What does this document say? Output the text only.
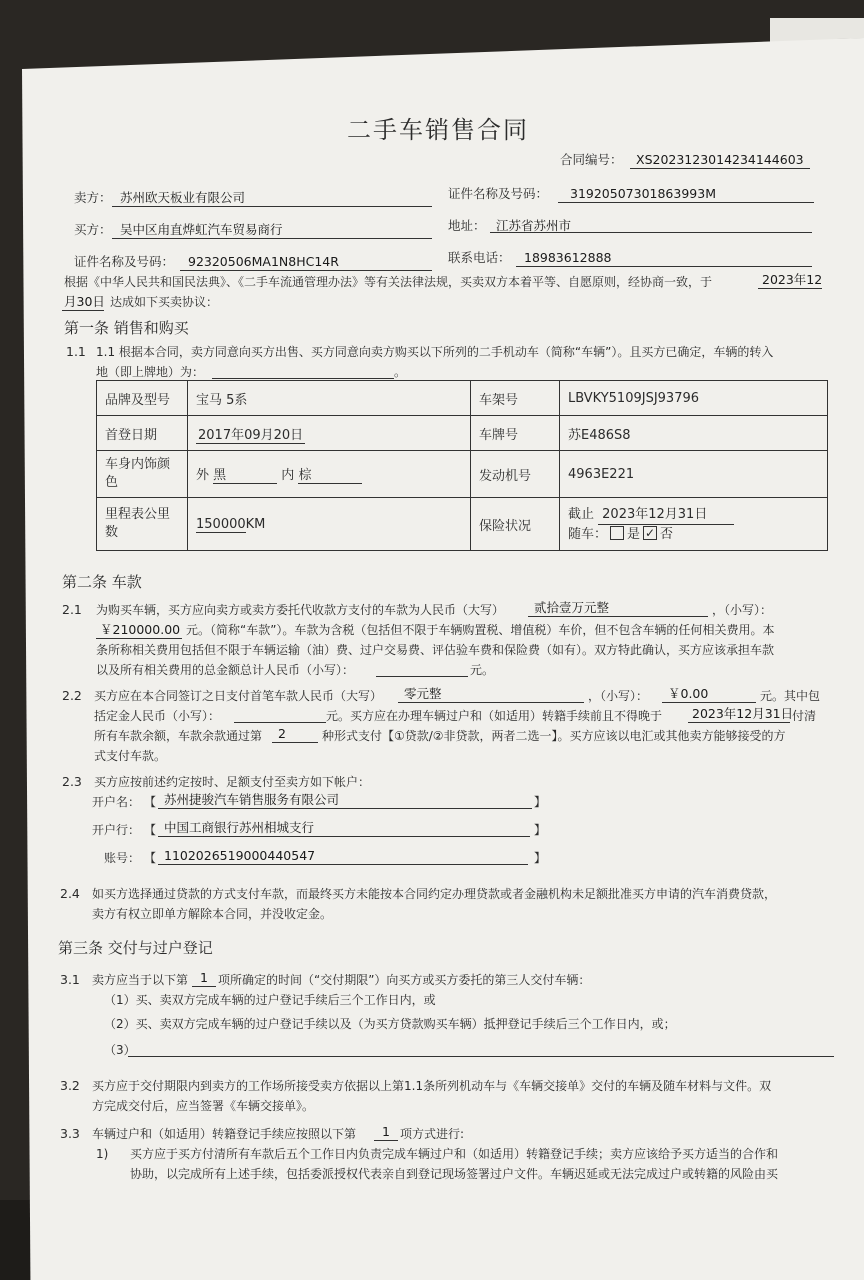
二手车销售合同
合同编号： XS2023123014234144603
卖方： 苏州欧天板业有限公司	证件名称及号码： 31920507301863993M
买方： 吴中区甪直烨虹汽车贸易商行	地址： 江苏省苏州市
证件名称及号码： 92320506MA1N8HC14R	联系电话： 18983612888
根据《中华人民共和国民法典》、《二手车流通管理办法》等有关法律法规，买卖双方本着平等、自愿原则，经协商一致，于	2023年12
月30日 达成如下买卖协议：
第一条 销售和购买
1.1 1.1 根据本合同，卖方同意向买方出售、买方同意向卖方购买以下所列的二手机动车（简称“车辆”）。且买方已确定，车辆的转入
地（即上牌地）为：	。
品牌及型号	宝马 5系	车架号	LBVKY5109JSJ93796
首登日期	2017年09月20日	车牌号	苏E486S8
车身内饰颜色	外 黑 内 棕	发动机号	4963E221
里程表公里数	150000KM	保险状况	截止 2023年12月31日
随车： 是 ✓ 否
第二条 车款
2.1 为购买车辆，买方应向卖方或卖方委托代收款方支付的车款为人民币（大写） 贰拾壹万元整	，（小写）：
￥210000.00 元。（简称“车款”）。车款为含税（包括但不限于车辆购置税、增值税）车价，但不包含车辆的任何相关费用。本
条所称相关费用包括但不限于车辆运输（油）费、过户交易费、评估验车费和保险费（如有）。双方特此确认，买方应该承担车款
以及所有相关费用的总金额总计人民币（小写）：	元。
2.2 买方应在本合同签订之日支付首笔车款人民币（大写） 零元整	，（小写）： ￥0.00	元。其中包
括定金人民币（小写）：	元。买方应在办理车辆过户和（如适用）转籍手续前且不得晚于 2023年12月31日
付清
所有车款余额，车款余款通过第 2	种形式支付【①贷款/②非贷款，两者二选一】。买方应该以电汇或其他卖方能够接受的方
式支付车款。
2.3 买方应按前述约定按时、足额支付至卖方如下帐户：
开户名： 【 苏州捷骏汽车销售服务有限公司	】
开户行： 【 中国工商银行苏州相城支行	】
账号： 【 1102026519000440547	】
2.4 如买方选择通过贷款的方式支付车款，而最终买方未能按本合同约定办理贷款或者金融机构未足额批准买方申请的汽车消费贷款，
卖方有权立即单方解除本合同，并没收定金。
第三条 交付与过户登记
3.1 卖方应当于以下第 1 项所确定的时间（“交付期限”）向买方或买方委托的第三人交付车辆：
（1）买、卖双方完成车辆的过户登记手续后三个工作日内，或
（2）买、卖双方完成车辆的过户登记手续以及（为买方贷款购买车辆）抵押登记手续后三个工作日内，或；
（3）
3.2 买方应于交付期限内到卖方的工作场所接受卖方依据以上第1.1条所列机动车与《车辆交接单》交付的车辆及随车材料与文件。双
方完成交付后，应当签署《车辆交接单》。
3.3 车辆过户和（如适用）转籍登记手续应按照以下第 1 项方式进行:
1) 买方应于买方付清所有车款后五个工作日内负责完成车辆过户和（如适用）转籍登记手续；卖方应该给予买方适当的合作和
协助，以完成所有上述手续，包括委派授权代表亲自到登记现场签署过户文件。车辆迟延或无法完成过户或转籍的风险由买
